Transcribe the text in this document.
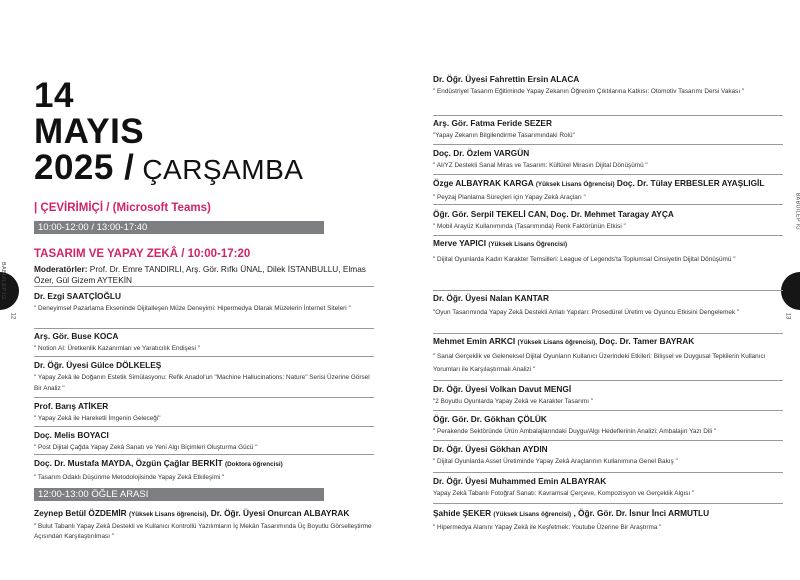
BABUILEP İG
12
14
MAYIS
2025 / ÇARŞAMBA
| ÇEVİRİMİÇİ / (Microsoft Teams)
10:00-12:00 / 13:00-17:40
TASARIM VE YAPAY ZEKÂ / 10:00-17:20
Moderatörler: Prof. Dr. Emre TANDIRLI, Arş. Gör. Rıfkı ÜNAL, Dilek İSTANBULLU, Elmas Özer, Gül Gizem AYTEKİN
Dr. Ezgi SAATÇİOĞLU
" Deneyimsel Pazarlama Ekseninde Dijitalleşen Müze Deneyimi: Hipermedya Olarak Müzelerin İnternet Siteleri "
Arş. Gör. Buse KOCA
" Notion AI: Üretkenlik Kazanımları ve Yaratıcılık Endişesi "
Dr. Öğr. Üyesi Gülce DÖLKELEŞ
" Yapay Zekâ ile Doğanın Estetik Simülasyonu: Refik Anadol'un "Machine Hallucinations: Nature" Serisi Üzerine Görsel Bir Analiz "
Prof. Barış ATİKER
" Yapay Zekâ ile Hareketli İmgenin Geleceği"
Doç. Melis BOYACI
" Post Dijital Çağda Yapay Zekâ Sanatı ve Yeni Algı Biçimleri Oluşturma Gücü "
Doç. Dr. Mustafa MAYDA, Özgün Çağlar BERKİT (Doktora öğrencisi)
" Tasarım Odaklı Düşünme Metodolojisinde Yapay Zekâ Etkileşimi "
12:00-13:00 ÖĞLE ARASI
Zeynep Betül ÖZDEMİR (Yüksek Lisans öğrencisi), Dr. Öğr. Üyesi Onurcan ALBAYRAK
" Bulut Tabanlı Yapay Zekâ Destekli ve Kullanıcı Kontrollü Yazılımların İç Mekân Tasarımında Üç Boyutlu Görselleştirme Açısından Karşılaştırılması "
BABUILEP İG
13
Dr. Öğr. Üyesi Fahrettin Ersin ALACA
" Endüstriyel Tasarım Eğitiminde Yapay Zekanın Öğrenim Çıktılarına Katkısı: Otomotiv Tasarımı Dersi Vakası "
Arş. Gör. Fatma Feride SEZER
"Yapay Zekanın Bilgilendirme Tasarımındaki Rolü"
Doç. Dr. Özlem VARGÜN
" AI/YZ Destekli Sanal Miras ve Tasarım: Kültürel Mirasın Dijital Dönüşümü "
Özge ALBAYRAK KARGA (Yüksek Lisans Öğrencisi) Doç. Dr. Tülay ERBESLER AYAŞLIGİL
" Peyzaj Planlama Süreçleri için Yapay Zekâ Araçları "
Öğr. Gör. Serpil TEKELİ CAN, Doç. Dr. Mehmet Taragay AYÇA
" Mobil Arayüz Kullanımında (Tasarımında) Renk Faktörünün Etkisi "
Merve YAPICI (Yüksek Lisans Öğrencisi)
" Dijital Oyunlarda Kadın Karakter Temsilleri: League of Legends'ta Toplumsal Cinsiyetin Dijital Dönüşümü "
Dr. Öğr. Üyesi Nalan KANTAR
"Oyun Tasarımında Yapay Zekâ Destekli Anlatı Yapıları: Prosedürel Üretim ve Oyuncu Etkisini Dengelemek "
Mehmet Emin ARKCI (Yüksek Lisans öğrencisi), Doç. Dr. Tamer BAYRAK
" Sanal Gerçeklik ve Geleneksel Dijital Oyunların Kullanıcı Üzerindeki Etkileri: Bilişsel ve Duygusal Tepkilerin Kullanıcı Yorumları ile Karşılaştırmalı Analizi "
Dr. Öğr. Üyesi Volkan Davut MENGİ
"2 Boyutlu Oyunlarda Yapay Zekâ ve Karakter Tasarımı "
Öğr. Gör. Dr. Gökhan ÇÖLÜK
" Perakende Sektöründe Ürün Ambalajlarındaki Duygu/Algı Hedeflerinin Analizi: Ambalajın Yazı Dili "
Dr. Öğr. Üyesi Gökhan AYDIN
" Dijital Oyunlarda Asset Üretiminde Yapay Zekâ Araçlarının Kullanımına Genel Bakış "
Dr. Öğr. Üyesi Muhammed Emin ALBAYRAK
Yapay Zekâ Tabanlı Fotoğraf Sanatı: Kavramsal Çerçeve, Kompozisyon ve Gerçeklik Algısı "
Şahide ŞEKER (Yüksek Lisans öğrencisi) , Öğr. Gör. Dr. İsnur İnci ARMUTLU
" Hipermedya Alanını Yapay Zekâ ile Keşfetmek: Youtube Üzerine Bir Araştırma "
